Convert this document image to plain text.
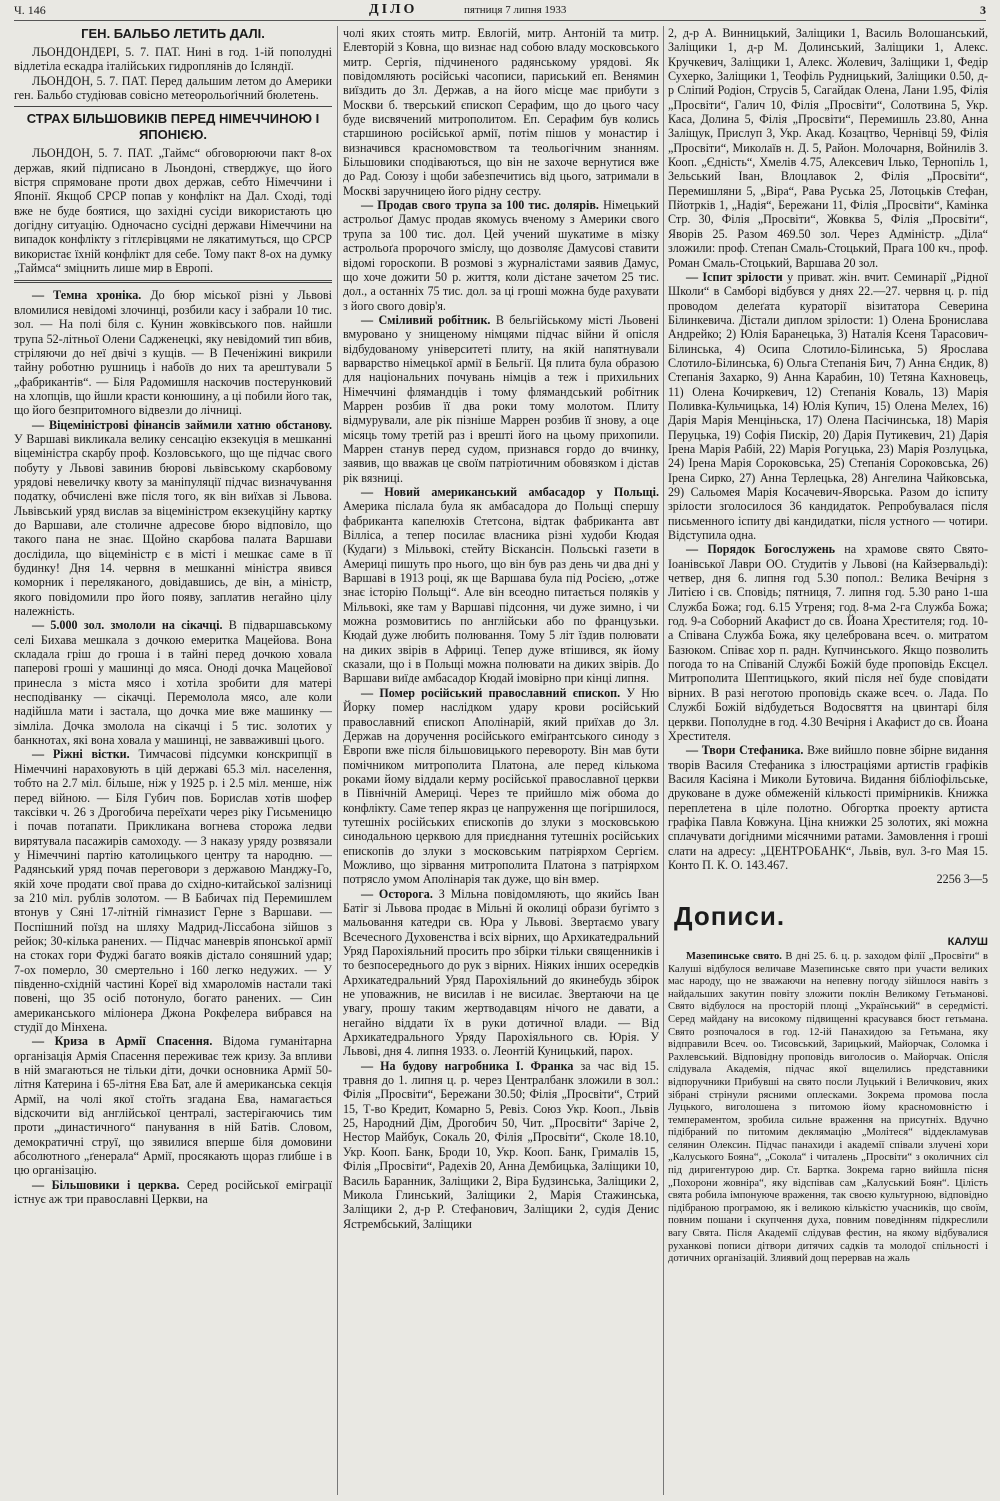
Ч. 146	ДІЛО	пятниця 7 липня 1933	3
ГЕН. БАЛЬБО ЛЕТИТЬ ДАЛІ.

ЛЬОНДОНДЕРІ, 5. 7. ПАТ. Нині в год. 1-ій пополудні відлетіла ескадра італійських гидроплянів до Ісляндії.

ЛЬОНДОН, 5. 7. ПАТ. Перед дальшим летом до Америки ген. Бальбо студіював совісно метеорольоґічний бюлетень.

СТРАХ БІЛЬШОВИКІВ ПЕРЕД НІМЕЧЧИНОЮ І ЯПОНІЄЮ.

ЛЬОНДОН, 5. 7. ПАТ. „Таймс“ обговорюючи пакт 8-ох держав, який підписано в Льондоні, стверджує, що його вістря спрямоване проти двох держав, себто Німеччини і Японії. Якщоб СРСР попав у конфлікт на Дал. Сході, тоді вже не буде боятися, що західні сусіди використають цю догідну ситуацію. Одночасно сусідні держави Німеччини на випадок конфлікту з гітлєрівцями не лякатимуться, що СРСР використає їхній конфлікт для себе. Тому пакт 8-ох на думку „Таймса“ зміцнить лише мир в Европі.

— Темна хроніка. До бюр міської різні у Львові вломилися невідомі злочинці, розбили касу і забрали 10 тис. зол. — На полі біля с. Кунин жовківського пов. найшли трупа 52-літньої Олени Садженецкі, яку невідомий тип вбив, стріляючи до неї двічі з кущів. — В Печеніжині викрили тайну роботню рушниць і набоїв до них та арештували 5 „фабрикантів“. — Біля Радомишля наскочив постерунковий на хлопців, що йшли красти конюшину, а ці побили його так, що його безпритомного відвезли до лічниці.

— Віцеміністрові фінансів займили хатню обстанову. У Варшаві викликала велику сенсацію екзекуція в мешканні віцеміністра скарбу проф. Козловського, що ще підчас свого побуту у Львові завинив бюрові львівському скарбовому урядові невеличку квоту за маніпуляції підчас визначування податку, обчислені вже після того, як він виїхав зі Львова. Львівський уряд вислав за віцеміністром екзекуційну картку до Варшави, але столичне адресове бюро відповіло, що такого пана не знає. Щойно скарбова палата Варшави дослідила, що віцеміністр є в місті і мешкає саме в її будинку! Дня 14. червня в мешканні міністра явився коморник і переляканого, довідавшись, де він, а міністр, якого повідомили про його появу, заплатив негайно цілу належність.

— 5.000 зол. змололи на сікачці. В підваршавському селі Бихава мешкала з дочкою емеритка Мацейова. Вона складала гріш до гроша і в тайні перед дочкою ховала паперові гроші у машинці до мяса. Оноді дочка Мацейової принесла з міста мясо і хотіла зробити для матері несподіванку — сікачці. Перемолола мясо, але коли надійшла мати і застала, що дочка мие вже машинку — зімліла. Дочка змолола на сікачці і 5 тис. золотих у банкнотах, які вона ховала у машинці, не завважившi цього.

— Ріжні вістки. Тимчасові підсумки конскрипції в Німеччині нараховують в цій державі 65.3 міл. населення, тобто на 2.7 міл. більше, ніж у 1925 р. і 2.5 міл. менше, ніж перед війною. — Біля Губич пов. Борислав хотів шофер таксівки ч. 26 з Дрогобича переїхати через ріку Гисьменицю і почав потапати. Прикликана вогнева сторожа ледви вирятувала пасажирів самоходу. — З наказу уряду розвязали у Німеччині партію католицького центру та народню. — Радянський уряд почав переговори з державою Манджу-Го, якій хоче продати свої права до східно-китайської залізниці за 210 міл. рублів золотом. — В Бабичах під Перемишлем втонув у Сяні 17-літній гімназист Герне з Варшави. — Поспішний поїзд на шляху Мадрид-Ліссабона зійшов з рейок; 30-кілька ранених. — Підчас маневрів японської армії на стоках гори Фуджі багато вояків дістало соняшний удар; 7-ох померло, 30 смертельно і 160 легко недужих. — У південно-східній частині Кореї від хмароломів настали такі повені, що 35 осіб потонуло, богато ранених. — Син американського міліонера Джона Рокфелера вибрався на студії до Мінхена.

— Криза в Армії Спасення. Відома гуманітарна організація Армія Спасення переживає теж кризу. За впливи в ній змагаються не тільки діти, дочки основника Армії 50-літня Катерина і 65-літня Ева Бат, але й американська секція Армії, на чолі якої стоїть згадана Ева, намагається відскочити від англійської централі, застерігаючись тим проти „династичного“ панування в ній Батів. Словом, демократичні струї, що зявилися вперше біля домовини абсолютного „ґенерала“ Армії, просякають щораз глибше і в цю організацію.

— Більшовики і церква. Серед російської еміграції істнує аж три православні Церкви, на

чолі яких стоять митр. Евлогій, митр. Антоній та митр. Елевторій з Ковна, що визнає над собою владу московського митр. Сергія, підчиненого радянському урядові. Як повідомляють російські часописи, париський еп. Венямин виїздить до Зл. Держав, а на його місце має прибути з Москви б. тверський єпископ Серафим, що до цього часу буде висвячений митрополитом. Еп. Серафим був колись старшиною російської армії, потім пішов у монастир і визначився красномовством та теольогічним знанням. Більшовики сподіваються, що він не захоче вернутися вже до Рад. Союзу і щоби забезпечитись від цього, затримали в Москві заручницею його рідну сестру.

— Продав свого трупа за 100 тис. долярів. Німецький астрольоґ Дамус продав якомусь вченому з Америки свого трупа за 100 тис. дол. Цей учений шукатиме в мізку астрольоґа пророчого зміслу, що дозволяє Дамусові ставити відомі гороскопи. В розмові з журналістами заявив Дамус, що хоче дожити 50 р. життя, коли дістане зачетом 25 тис. дол., а останніх 75 тис. дол. за ці гроші можна буде рахувати з його свого довір'я.

— Сміливий робітник. В бельгійському місті Льовені вмуровано у знищеному німцями підчас війни й опісля відбудованому університеті плиту, на якій напятнували варварство німецької армії в Бельгії. Ця плита була образою для національних почувань німців а теж і прихильних Німеччині флямандців і тому флямандський робітник Маррен розбив її два роки тому молотом. Плиту відмурували, але рік пізніше Маррен розбив її знову, а оце місяць тому третій раз і врешті його на цьому прихопили. Маррен станув перед судом, признався гордо до вчинку, заявив, що вважав це своїм патріотичним обовязком і дістав рік вязниці.

— Новий американський амбасадор у Польщі. Америка післала була як амбасадора до Польщі спершу фабриканта капелюхів Стетсона, відтак фабриканта авт Вілліса, а тепер посилає власника різні худоби Кюдая (Кудаги) з Мільвокі, стейту Віскансін. Польські газети в Америці пишуть про нього, що він був раз день чи два дні у Варшаві в 1913 році, як ще Варшава була під Росією, „отже знає історію Польщі“. Але він всеодно питається поляків у Мільвокі, яке там у Варшаві підсоння, чи дуже зимно, і чи можна розмовитись по англійськи або по французьки. Кюдай дуже любить полювання. Тому 5 літ їздив полювати на диких звірів в Африці. Тепер дуже втішився, як йому сказали, що і в Польщі можна полювати на диких звірів. До Варшави виїде амбасадор Кюдай імовірно при кінці липня.

— Помер російський православний єпископ. У Ню Йорку помер наслідком удару крови російський православний єпископ Аполінарій, який приїхав до Зл. Держав на доручення російського еміґрантського синоду з Европи вже після більшовицького перевороту. Він мав бути помічником митрополита Платона, але перед кількома роками йому віддали керму російської православної церкви в Північній Америці. Через те прийшло між обома до конфлікту. Саме тепер якраз це напруження ще погіршилося, тутешніх російських єпископів до злуки з московською синодальною церквою для приєднання тутешніх російських епископів до злуки з московським патріярхом Сергієм. Можливо, що зірвання митрополита Платона з патріярхом потрясло умом Аполінарія так дуже, що він вмер.

— Осторога. З Мільна повідомляють, що якийсь Іван Батіг зі Львова продає в Мільні й околиці образи бугімто з мальовання катедри св. Юра у Львові. Звертаємо увагу Всечесного Духовенства і всіх вірних, що Архикатедральний Уряд Парохіяльний просить про збірки тільки священників і то безпосереднього до рук з вірних. Ніяких інших осередків Архикатедральний Уряд Парохіяльний до якинебудь збірок не уповажнив, не висилав і не висилає. Звертаючи на це увагу, прошу таким жертводавцям нічого не давати, а негайно віддати їх в руки дотичної влади. — Від Архикатедрального Уряду Парохіяльного св. Юрія. У Львові, дня 4. липня 1933. о. Леонтій Куницький, парох.

— На будову нагробника І. Франка за час від 15. травня до 1. липня ц. р. через Централбанк зложили в зол.: Філія „Просвіти“, Бережани 30.50; Філія „Просвіти“, Стрий 15, Т-во Кредит, Комарно 5, Ревіз. Союз Укр. Кооп., Львів 25, Народний Дім, Дрогобич 50, Чит. „Просвіти“ Заріче 2, Нестор Майбук, Сокаль 20, Філія „Просвіти“, Сколе 18.10, Укр. Кооп. Банк, Броди 10, Укр. Кооп. Банк, Грималів 15, Філія „Просвіти“, Радехів 20, Анна Дембицька, Заліщики 10, Василь Баранник, Заліщики 2, Віра Будзинська, Заліщики 2, Микола Глинський, Заліщики 2, Марія Стажинська, Заліщики 2, д-р Р. Стефанович, Заліщики 2, судія Денис Ястрембський, Заліщики

2, д-р А. Винницький, Заліщики 1, Василь Волошанський, Заліщики 1, д-р М. Долинський, Заліщики 1, Алекс. Кручкевич, Заліщики 1, Алекс. Жолевич, Заліщики 1, Федір Сухерко, Заліщики 1, Теофіль Рудницький, Заліщики 0.50, д-р Сліпий Родіон, Струсів 5, Сагайдак Олена, Лани 1.95, Філія „Просвіти“, Галич 10, Філія „Просвіти“, Солотвина 5, Укр. Каса, Долина 5, Філія „Просвіти“, Перемишль 23.80, Анна Заліщук, Прислуп 3, Укр. Акад. Козацтво, Чернівці 59, Філія „Просвіти“, Миколаїв н. Д. 5, Район. Молочарня, Войнилів 3. Кооп. „Єдність“, Хмелів 4.75, Алексевич Ілько, Тернопіль 1, Зельський Іван, Влоцлавок 2, Філія „Просвіти“, Перемишляни 5, „Віра“, Рава Руська 25, Лотоцьків Стефан, Пйотрків 1, „Надія“, Бережани 11, Філія „Просвіти“, Камінка Стр. 30, Філія „Просвіти“, Жовква 5, Філія „Просвіти“, Яворів 25. Разом 469.50 зол. Через Адміністр. „Діла“ зложили: проф. Степан Смаль-Стоцький, Прага 100 кч., проф. Роман Смаль-Стоцький, Варшава 20 зол.

— Іспит зрілости у приват. жін. вчит. Семинарії „Рідної Школи“ в Самборі відбувся у днях 22.—27. червня ц. р. під проводом делеґата кураторії візитатора Северина Білинкевича. Дістали диплом зрілости: 1) Олена Бронислава Андрейко; 2) Юлія Баранецька, 3) Наталія Ксеня Тарасович-Білинська, 4) Осипа Слотило-Білинська, 5) Ярослава Слотило-Білинська, 6) Ольга Степанія Бич, 7) Анна Єндик, 8) Степанія Захарко, 9) Анна Карабин, 10) Тетяна Кахновець, 11) Олена Кочиркевич, 12) Степанія Коваль, 13) Марія Поливка-Кульчицька, 14) Юлія Купич, 15) Олена Мелех, 16) Дарія Марія Менціньска, 17) Олена Пасічинська, 18) Марія Перуцька, 19) Софія Пискір, 20) Дарія Путикевич, 21) Дарія Ірена Марія Рабій, 22) Марія Рогуцька, 23) Марія Розлуцька, 24) Ірена Марія Сороковська, 25) Степанія Сороковська, 26) Ірена Сирко, 27) Анна Терлецька, 28) Ангелина Чайковська, 29) Сальомея Марія Косачевич-Яворська. Разом до іспиту зрілости зголосилося 36 кандидаток. Репробувалася після письменного іспиту дві кандидатки, після устного — чотири. Відступила одна.

— Порядок Богослужень на храмове свято Свято-Іоанівської Лаври ОО. Студитів у Львові (на Кайзервальді): четвер, дня 6. липня год 5.30 попол.: Велика Вечірня з Литією і св. Сповідь; пятниця, 7. липня год. 5.30 рано 1-ша Служба Божа; год. 6.15 Утреня; год. 8-ма 2-га Служба Божа; год. 9-а Соборний Акафист до св. Йоана Хрестителя; год. 10-а Співана Служба Божа, яку целебрована всеч. о. митратом Базюком. Співає хор п. радн. Купчинського. Якщо позволить погода то на Співаній Службі Божій буде проповідь Ексцел. Митрополита Шептицького, який після неї буде сповідати вірних. В разі неготою проповідь скаже всеч. о. Лада. По Службі Божій відбудеться Водосвяття на цвинтарі біля церкви. Пополудне в год. 4.30 Вечірня і Акафист до св. Йоана Хрестителя.

— Твори Стефаника. Вже вийшло повне збірне видання творів Василя Стефаника з ілюстраціями артистів графіків Василя Касіяна і Миколи Бутовича. Видання бібліофільське, друковане в дуже обмеженій кількості примірників. Книжка переплетена в ціле полотно. Обгортка проекту артиста графіка Павла Ковжуна. Ціна книжки 25 золотих, які можна сплачувати догідними місячними ратами. Замовлення і гроші слати на адресу: „ЦЕНТРОБАНК“, Львів, вул. 3-го Мая 15. Конто П. К. О. 143.467.

2256 3—5

Дописи.
КАЛУШ

Мазепинське свято. В дні 25. 6. ц. р. заходом філії „Просвіти“ в Калуші відбулося величаве Мазепинське свято при участи великих мас народу, що не зважаючи на непевну погоду зійшлося навіть з найдальших закутин повіту зложити поклін Великому Гетьманові. Свято відбулося на просторій площі „Український“ в середмісті. Серед майдану на високому підвищенні красувався бюст гетьмана. Свято розпочалося в год. 12-ій Панахидою за Гетьмана, яку відправили Всеч. оо. Тисовський, Зарицький, Майорчак, Соломка і Рахлевський. Відповідну проповідь виголосив о. Майорчак. Опісля слідувала Академія, підчас якої вщелились представники відпоручники Прибувші на свято посли Луцький і Величкович, яких зібрані стрінули рясними оплесками. Зокрема промова посла Луцького, виголошена з питомою йому красномовністю і темпераментом, зробила сильне враження на присутніх. Вдучно підібраний по питомим деклямацію „Молітеся“ віддекламував селянин Олексин. Підчас панахиди і академії співали злучені хори „Калуського Бояна“, „Сокола“ і читалень „Просвіти“ з околичних сіл під диригентурою дир. Ст. Бартка. Зокрема гарно вийшла пісня „Похорони жовніра“, яку відспівав сам „Калуський Боян“. Цілість свята робила імпонуюче враження, так своєю культурною, відповідно підібраною програмою, як і великою кількістю учасників, що своїм, повним пошани і скупчення духа, повним поведінням підкреслили вагу Свята. Після Академії слідував фестин, на якому відбувалися руханкові пописи дітвори дитячих садків та молодої спільності і дотичних організацій. Злиявий дощ перервав на жаль
